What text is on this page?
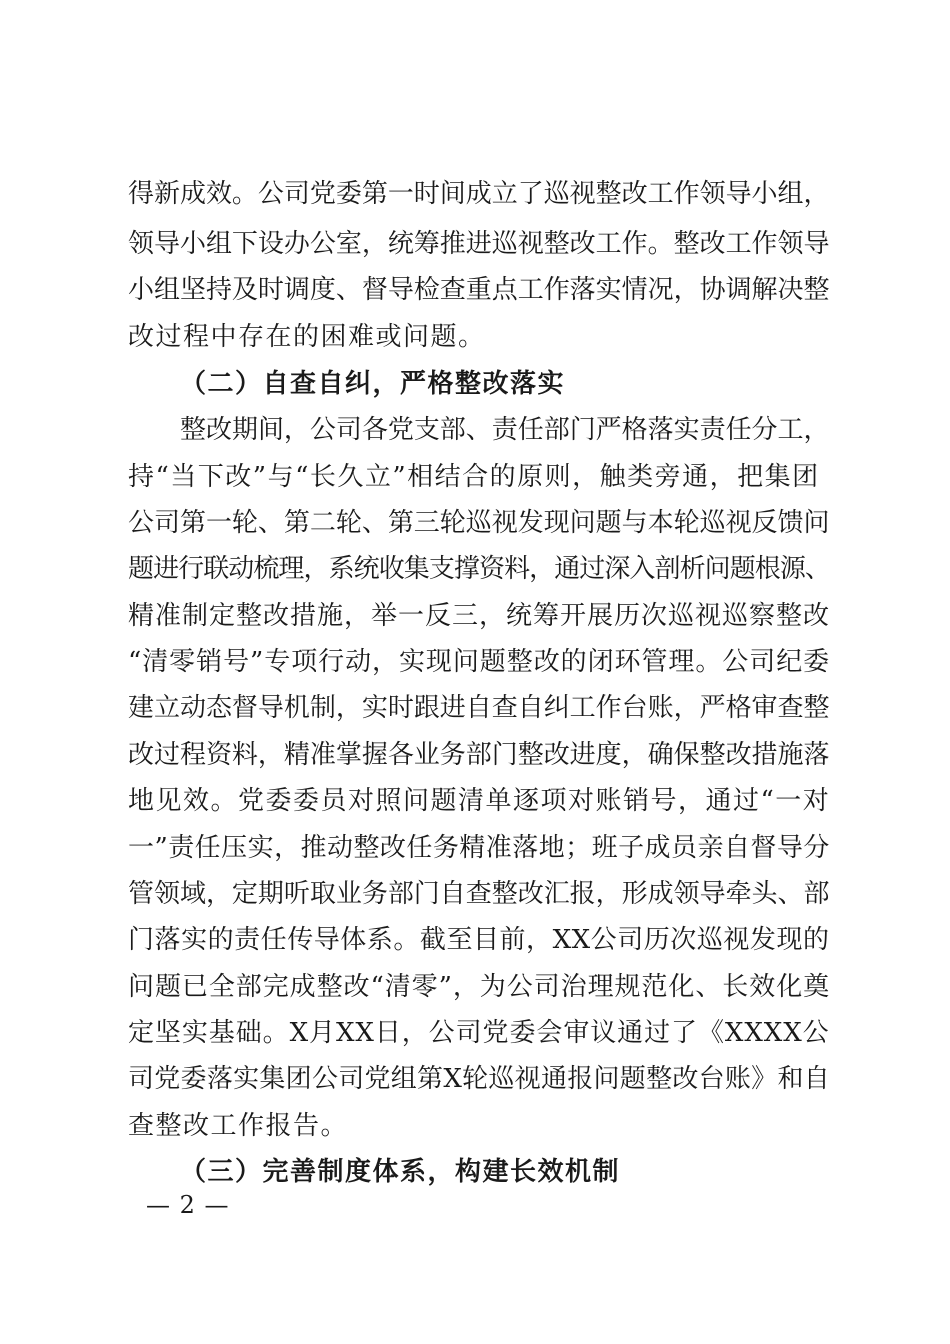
得新成效。公司党委第一时间成立了巡视整改工作领导小组，
领导小组下设办公室，统筹推进巡视整改工作。整改工作领导
小组坚持及时调度、督导检查重点工作落实情况，协调解决整
改过程中存在的困难或问题。
（二）自查自纠，严格整改落实
整改期间，公司各党支部、责任部门严格落实责任分工，
持“当下改”与“长久立”相结合的原则，触类旁通，把集团
公司第一轮、第二轮、第三轮巡视发现问题与本轮巡视反馈问
题进行联动梳理，系统收集支撑资料，通过深入剖析问题根源、
精准制定整改措施，举一反三，统筹开展历次巡视巡察整改
“清零销号”专项行动，实现问题整改的闭环管理。公司纪委
建立动态督导机制，实时跟进自查自纠工作台账，严格审查整
改过程资料，精准掌握各业务部门整改进度，确保整改措施落
地见效。党委委员对照问题清单逐项对账销号，通过“一对
一”责任压实，推动整改任务精准落地；班子成员亲自督导分
管领域，定期听取业务部门自查整改汇报，形成领导牵头、部
门落实的责任传导体系。截至目前，XX公司历次巡视发现的
问题已全部完成整改“清零”，为公司治理规范化、长效化奠
定坚实基础。X月XX日，公司党委会审议通过了《XXXX公
司党委落实集团公司党组第X轮巡视通报问题整改台账》和自
查整改工作报告。
（三）完善制度体系，构建长效机制
— 2 —
